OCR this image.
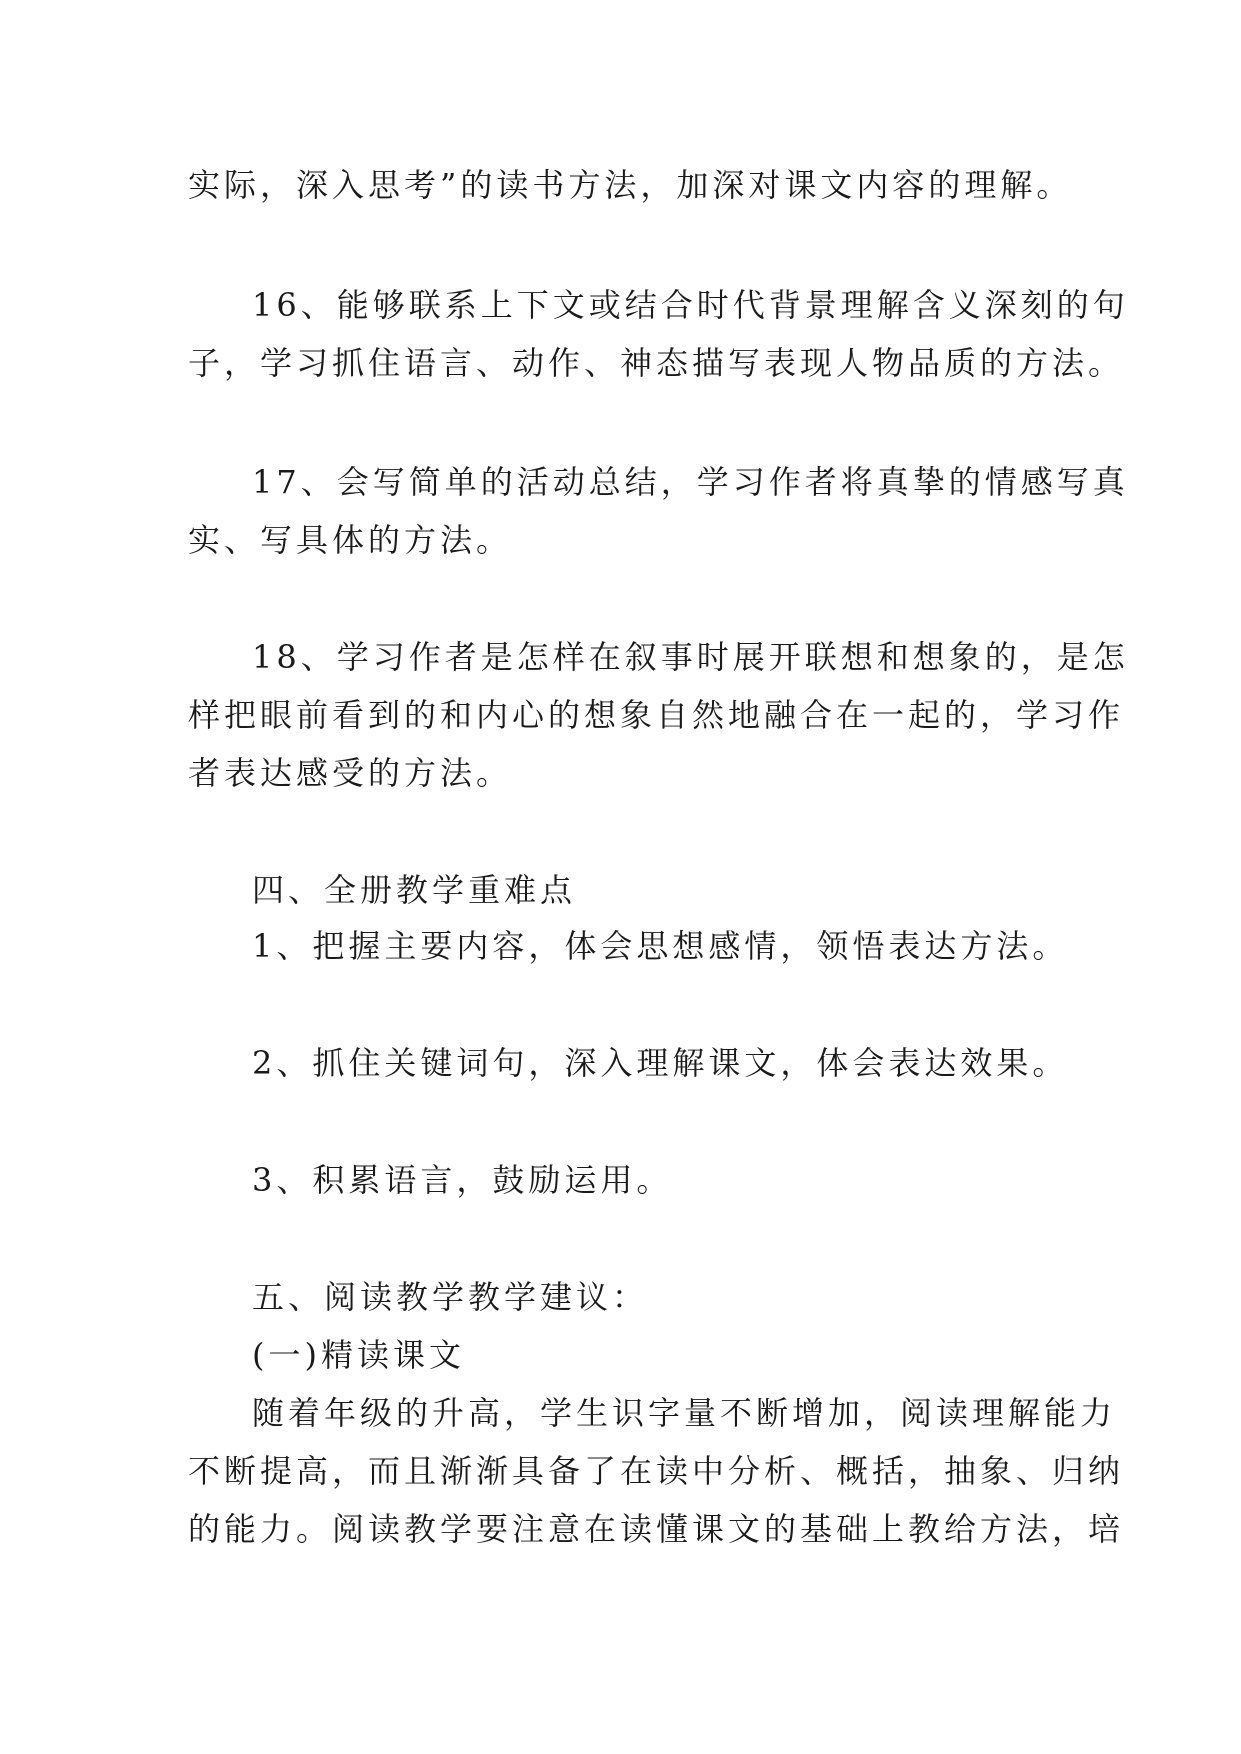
实际，深入思考”的读书方法，加深对课文内容的理解。
16、能够联系上下文或结合时代背景理解含义深刻的句
子，学习抓住语言、动作、神态描写表现人物品质的方法。
17、会写简单的活动总结，学习作者将真挚的情感写真
实、写具体的方法。
18、学习作者是怎样在叙事时展开联想和想象的，是怎
样把眼前看到的和内心的想象自然地融合在一起的，学习作
者表达感受的方法。
四、全册教学重难点
1、把握主要内容，体会思想感情，领悟表达方法。
2、抓住关键词句，深入理解课文，体会表达效果。
3、积累语言，鼓励运用。
五、阅读教学教学建议：
(一)精读课文
随着年级的升高，学生识字量不断增加，阅读理解能力
不断提高，而且渐渐具备了在读中分析、概括，抽象、归纳
的能力。阅读教学要注意在读懂课文的基础上教给方法，培
